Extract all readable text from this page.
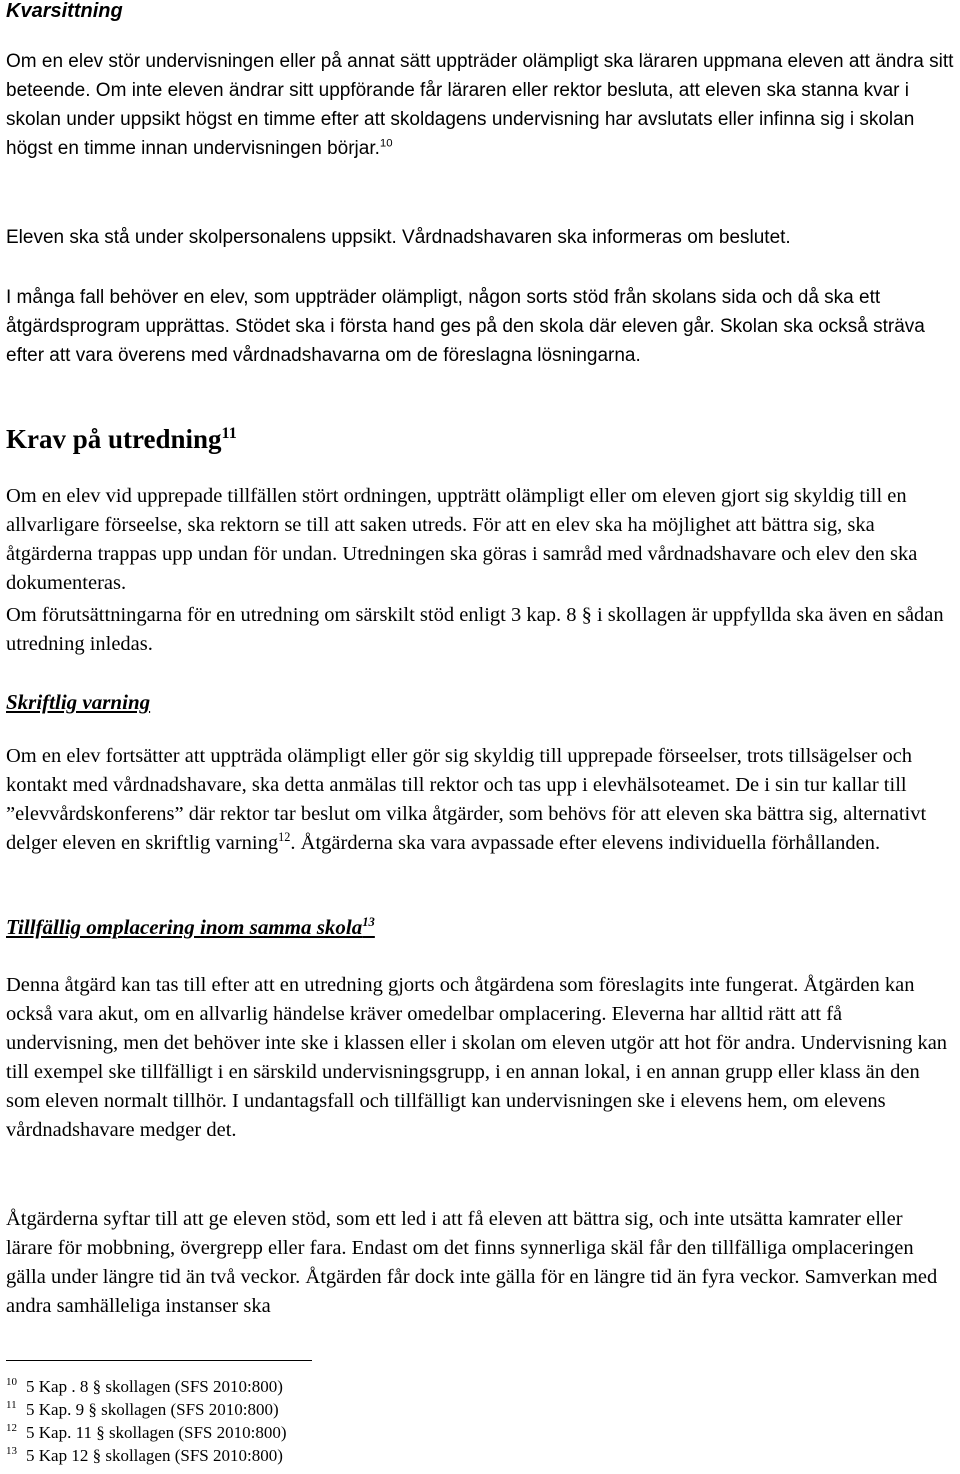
Kvarsittning

Om en elev stör undervisningen eller på annat sätt uppträder olämpligt ska läraren uppmana eleven att ändra sitt beteende. Om inte eleven ändrar sitt uppförande får läraren eller rektor besluta, att eleven ska stanna kvar i skolan under uppsikt högst en timme efter att skoldagens undervisning har avslutats eller infinna sig i skolan högst en timme innan undervisningen börjar.$^{10}$

Eleven ska stå under skolpersonalens uppsikt. Vårdnadshavaren ska informeras om beslutet.

I många fall behöver en elev, som uppträder olämpligt, någon sorts stöd från skolans sida och då ska ett åtgärdsprogram upprättas. Stödet ska i första hand ges på den skola där eleven går. Skolan ska också sträva efter att vara överens med vårdnadshavarna om de föreslagna lösningarna.

Krav på utredning$^{11}$

Om en elev vid upprepade tillfällen stört ordningen, uppträtt olämpligt eller om eleven gjort sig skyldig till en allvarligare förseelse, ska rektorn se till att saken utreds. För att en elev ska ha möjlighet att bättra sig, ska åtgärderna trappas upp undan för undan. Utredningen ska göras i samråd med vårdnadshavare och elev den ska dokumenteras.

Om förutsättningarna för en utredning om särskilt stöd enligt 3 kap. 8 § i skollagen är uppfyllda ska även en sådan utredning inledas.

Skriftlig varning

Om en elev fortsätter att uppträda olämpligt eller gör sig skyldig till upprepade förseelser, trots tillsägelser och kontakt med vårdnadshavare, ska detta anmälas till rektor och tas upp i elevhälsoteamet. De i sin tur kallar till ”elevvårdskonferens” där rektor tar beslut om vilka åtgärder, som behövs för att eleven ska bättra sig, alternativt delger eleven en skriftlig varning$^{12}$. Åtgärderna ska vara avpassade efter elevens individuella förhållanden.

Tillfällig omplacering inom samma skola$^{13}$

Denna åtgärd kan tas till efter att en utredning gjorts och åtgärdena som föreslagits inte fungerat. Åtgärden kan också vara akut, om en allvarlig händelse kräver omedelbar omplacering. Eleverna har alltid rätt att få undervisning, men det behöver inte ske i klassen eller i skolan om eleven utgör att hot för andra. Undervisning kan till exempel ske tillfälligt i en särskild undervisningsgrupp, i en annan lokal, i en annan grupp eller klass än den som eleven normalt tillhör. I undantagsfall och tillfälligt kan undervisningen ske i elevens hem, om elevens vårdnadshavare medger det.

Åtgärderna syftar till att ge eleven stöd, som ett led i att få eleven att bättra sig, och inte utsätta kamrater eller lärare för mobbning, övergrepp eller fara. Endast om det finns synnerliga skäl får den tillfälliga omplaceringen gälla under längre tid än två veckor. Åtgärden får dock inte gälla för en längre tid än fyra veckor. Samverkan med andra samhälleliga instanser ska

10 5 Kap . 8 § skollagen (SFS 2010:800)
11 5 Kap. 9 § skollagen (SFS 2010:800)
12 5 Kap. 11 § skollagen (SFS 2010:800)
13 5 Kap 12 § skollagen (SFS 2010:800)
